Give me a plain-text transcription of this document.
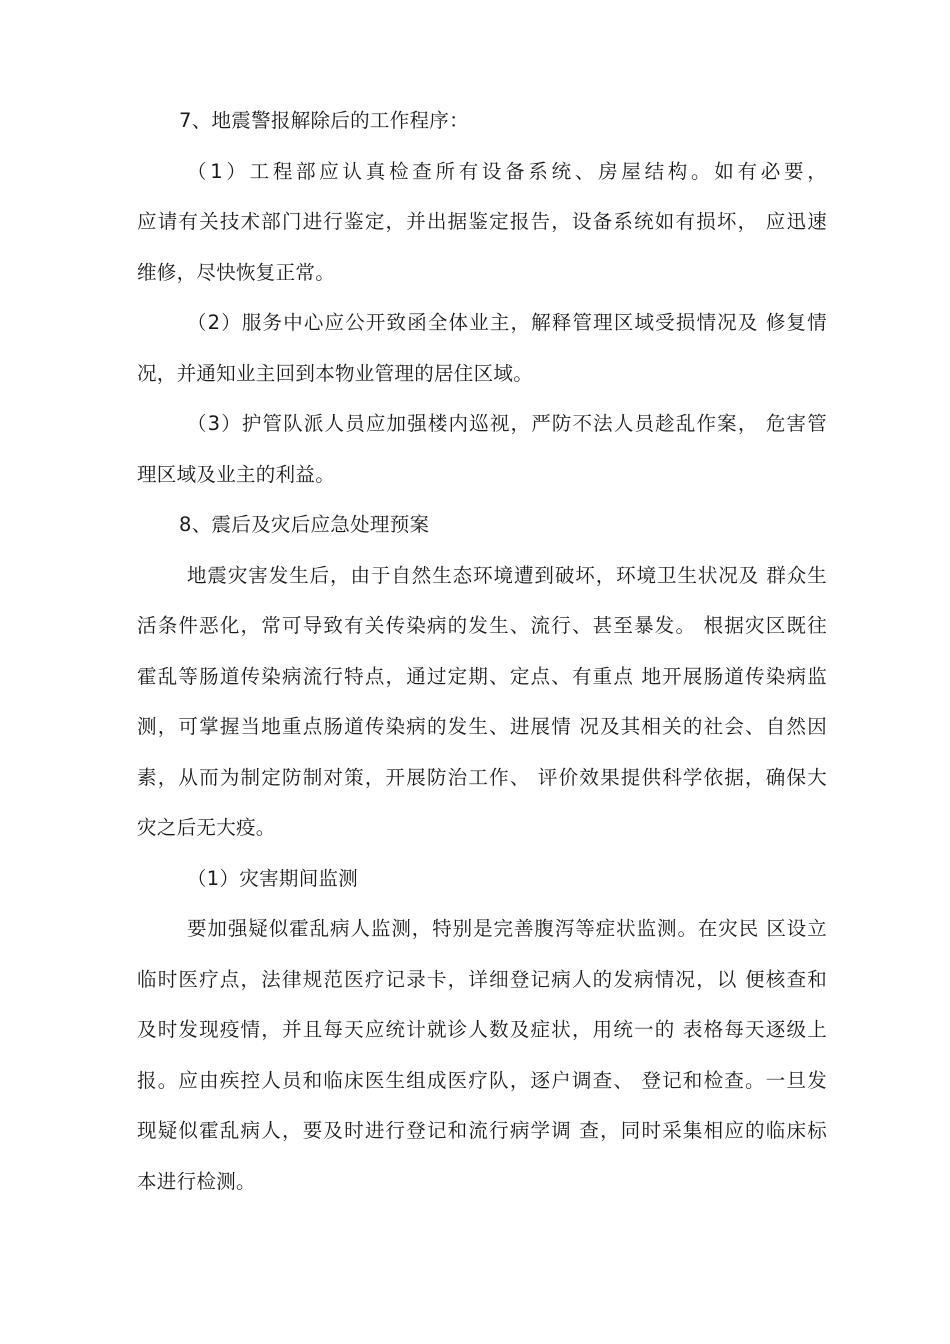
7、地震警报解除后的工作程序：
（1）工程部应认真检查所有设备系统、房屋结构。如有必要，
应请有关技术部门进行鉴定，并出据鉴定报告，设备系统如有损坏， 应迅速
维修，尽快恢复正常。
（2）服务中心应公开致函全体业主，解释管理区域受损情况及 修复情
况，并通知业主回到本物业管理的居住区域。
（3）护管队派人员应加强楼内巡视，严防不法人员趁乱作案， 危害管
理区域及业主的利益。
8、震后及灾后应急处理预案
地震灾害发生后，由于自然生态环境遭到破坏，环境卫生状况及 群众生
活条件恶化，常可导致有关传染病的发生、流行、甚至暴发。 根据灾区既往
霍乱等肠道传染病流行特点，通过定期、定点、有重点 地开展肠道传染病监
测，可掌握当地重点肠道传染病的发生、进展情 况及其相关的社会、自然因
素，从而为制定防制对策，开展防治工作、 评价效果提供科学依据，确保大
灾之后无大疫。
（1）灾害期间监测
要加强疑似霍乱病人监测，特别是完善腹泻等症状监测。在灾民 区设立
临时医疗点，法律规范医疗记录卡，详细登记病人的发病情况，以 便核查和
及时发现疫情，并且每天应统计就诊人数及症状，用统一的 表格每天逐级上
报。应由疾控人员和临床医生组成医疗队，逐户调查、 登记和检查。一旦发
现疑似霍乱病人，要及时进行登记和流行病学调 查，同时采集相应的临床标
本进行检测。
